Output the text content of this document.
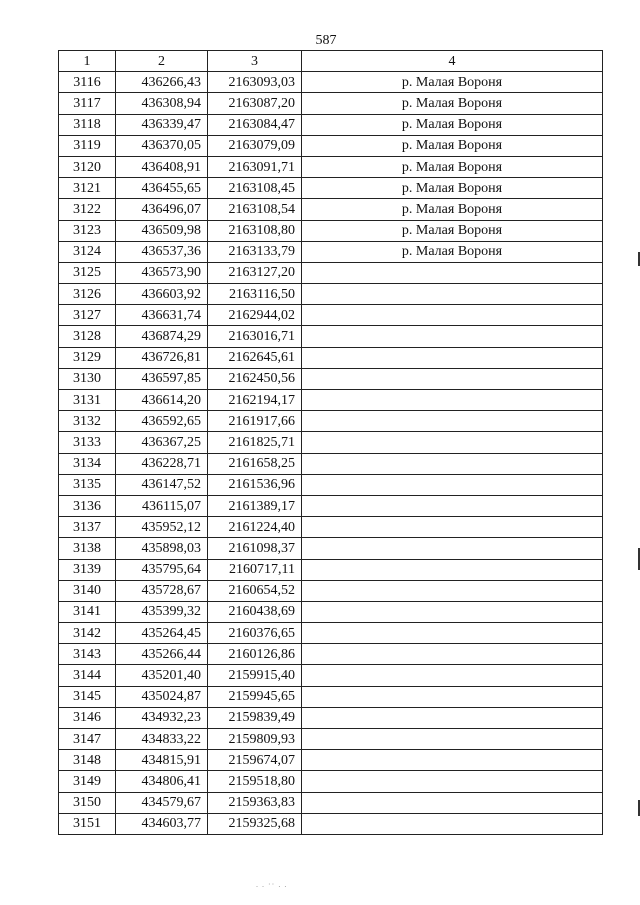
587
1	2	3	4
3116	436266,43	2163093,03	р. Малая Вороня
3117	436308,94	2163087,20	р. Малая Вороня
3118	436339,47	2163084,47	р. Малая Вороня
3119	436370,05	2163079,09	р. Малая Вороня
3120	436408,91	2163091,71	р. Малая Вороня
3121	436455,65	2163108,45	р. Малая Вороня
3122	436496,07	2163108,54	р. Малая Вороня
3123	436509,98	2163108,80	р. Малая Вороня
3124	436537,36	2163133,79	р. Малая Вороня
3125	436573,90	2163127,20	
3126	436603,92	2163116,50	
3127	436631,74	2162944,02	
3128	436874,29	2163016,71	
3129	436726,81	2162645,61	
3130	436597,85	2162450,56	
3131	436614,20	2162194,17	
3132	436592,65	2161917,66	
3133	436367,25	2161825,71	
3134	436228,71	2161658,25	
3135	436147,52	2161536,96	
3136	436115,07	2161389,17	
3137	435952,12	2161224,40	
3138	435898,03	2161098,37	
3139	435795,64	2160717,11	
3140	435728,67	2160654,52	
3141	435399,32	2160438,69	
3142	435264,45	2160376,65	
3143	435266,44	2160126,86	
3144	435201,40	2159915,40	
3145	435024,87	2159945,65	
3146	434932,23	2159839,49	
3147	434833,22	2159809,93	
3148	434815,91	2159674,07	
3149	434806,41	2159518,80	
3150	434579,67	2159363,83	
3151	434603,77	2159325,68	
. . ·· . .
